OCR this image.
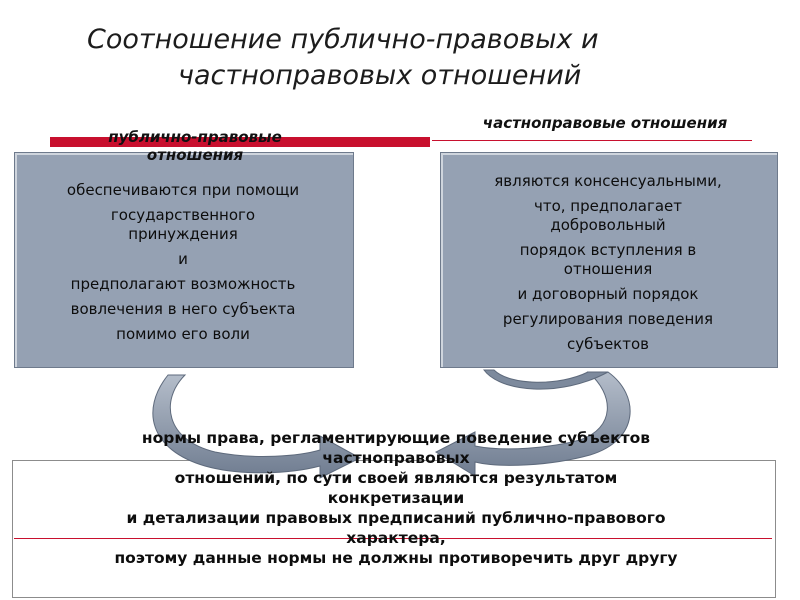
Соотношение публично-правовых и
частноправовых отношений
публично-правовые отношения
частноправовые отношения
обеспечиваются при помощи
государственного
принуждения
и
предполагают возможность
вовлечения в него субъекта
помимо его воли
являются консенсуальными,
что, предполагает
добровольный
порядок вступления в
отношения
и договорный порядок
регулирования поведения
субъектов
нормы права, регламентирующие поведение субъектов
частноправовых
отношений, по сути своей являются результатом
конкретизации
и детализации правовых предписаний публично-правового
характера,
поэтому данные нормы не должны противоречить друг другу
